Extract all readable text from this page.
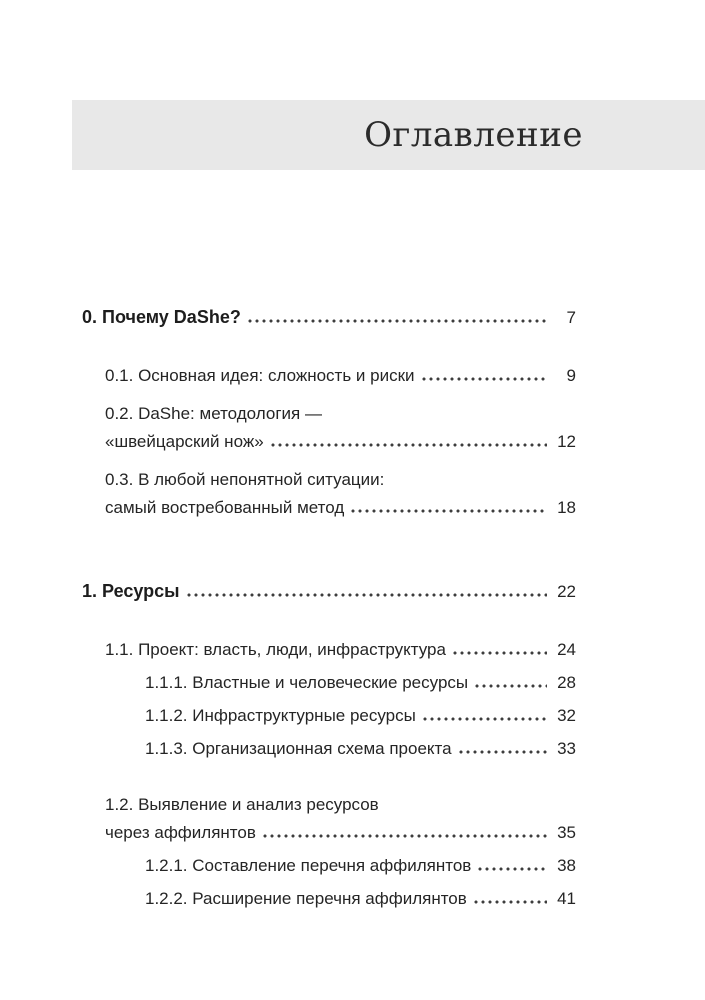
Оглавление
0. Почему DaShe?	7
0.1. Основная идея: сложность и риски	9
0.2. DaShe: методология —
«швейцарский нож»	12
0.3. В любой непонятной ситуации:
самый востребованный метод	18
1. Ресурсы	22
1.1. Проект: власть, люди, инфраструктура	24
1.1.1. Властные и человеческие ресурсы	28
1.1.2. Инфраструктурные ресурсы	32
1.1.3. Организационная схема проекта	33
1.2. Выявление и анализ ресурсов
через аффилянтов	35
1.2.1. Составление перечня аффилянтов	38
1.2.2. Расширение перечня аффилянтов	41
